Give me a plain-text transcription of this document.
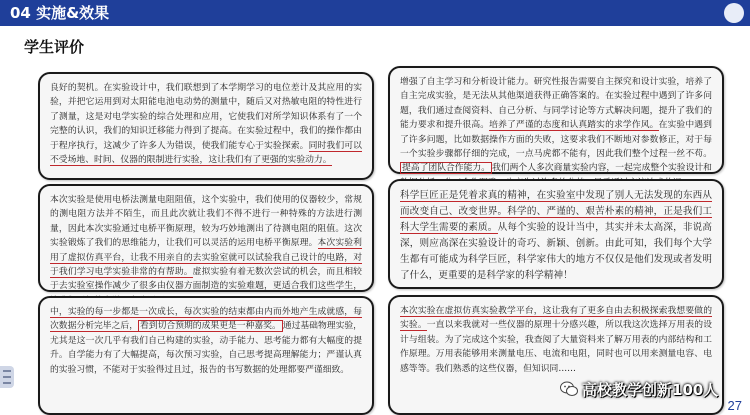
04 实施&效果
学生评价
良好的契机。在实验设计中，我们联想到了本学期学习的电位差计及其应用的实验，并把它运用到对太阳能电池电动势的测量中，随后又对热敏电阻的特性进行了测量，这是对电学实验的综合处理和应用，它使我们对所学知识体系有了一个完整的认识，我们的知识迁移能力得到了提高。在实验过程中，我们的操作都由于程序执行，这减少了许多人为错误，使我们能专心于实验探索。同时我们可以不受场地、时间、仪器的限制进行实验，这让我们有了更强的实验动力。
本次实验是使用电桥法测量电阻阻值，这个实验中，我们使用的仪器较少，常规的测电阻方法并不陌生，而且此次就让我们不得不进行一种特殊的方法进行测量，因此本次实验通过电桥平衡原理，较为巧妙地测出了待测电阻的阻值。这次实验锻炼了我们的思维能力，让我们可以灵活的运用电桥平衡原理。本次实验利用了虚拟仿真平台，让我不用亲自的去实验室就可以试验我自己设计的电路，对于我们学习电学实验非常的有帮助。虚拟实验有着无数次尝试的机会，而且相较于去实验室操作减少了很多由仪器方面制造的实验难题，更适合我们这些学生，
中，实验的每一步都是一次成长，每次实验的结束都由内而外地产生成就感，每次数据分析完毕之后， 看到切合预期的成果更是一种嘉奖。 通过基础物理实验，尤其是这一次几乎有我们自己构建的实验，动手能力、思考能力都有大幅度的提升。自学能力有了大幅提高，每次预习实验，自己思考提高理解能力；严谨认真的实验习惯，不能对于实验得过且过，报告的书写数据的处理都要严谨细致。
增强了自主学习和分析设计能力。研究性报告需要自主探究和设计实验，培养了自主完成实验，是无法从其他渠道获得正确答案的。在实验过程中遇到了许多问题，我们通过查阅资料、自己分析、与同学讨论等方式解决问题，提升了我们的能力要求和提升很高。培养了严谨的态度和认真踏实的求学作风。在实验中遇到了许多问题，比如数据操作方面的失败，这要求我们不断地对参数修正，对于每一个实验步骤都仔细的完成，一点马虎都不能有，因此我们整个过程一丝不苟。提高了团队合作能力。 我们两个人多次商量实验内容，一起完成整个实验设计和
科学巨匠正是凭着求真的精神，在实验室中发现了别人无法发现的东西从而改变自己、改变世界。科学的、严谨的、艰苦朴素的精神，正是我们工科大学生需要的素质。从每个实验的设计当中，其实并未太高深，非说高深，则应高深在实验设计的奇巧、新颖、创新。由此可知，我们每个大学生都有可能成为科学巨匠，科学家伟大的地方不仅仅是他们发现或者发明了什么，更重要的是科学家的科学精神！
本次实验在虚拟仿真实验教学平台，这让我有了更多自由去积极探索我想要做的实验。一直以来我就对一些仪器的原理十分感兴趣，所以我这次选择万用表的设计与组装。为了完成这个实验，我查阅了大量资料来了解万用表的内部结构和工作原理。万用表能够用来测量电压、电流和电阻，同时也可以用来测量电容、电感等等。我们熟悉的这些仪器，但知识同……
高校教学创新100人
27
